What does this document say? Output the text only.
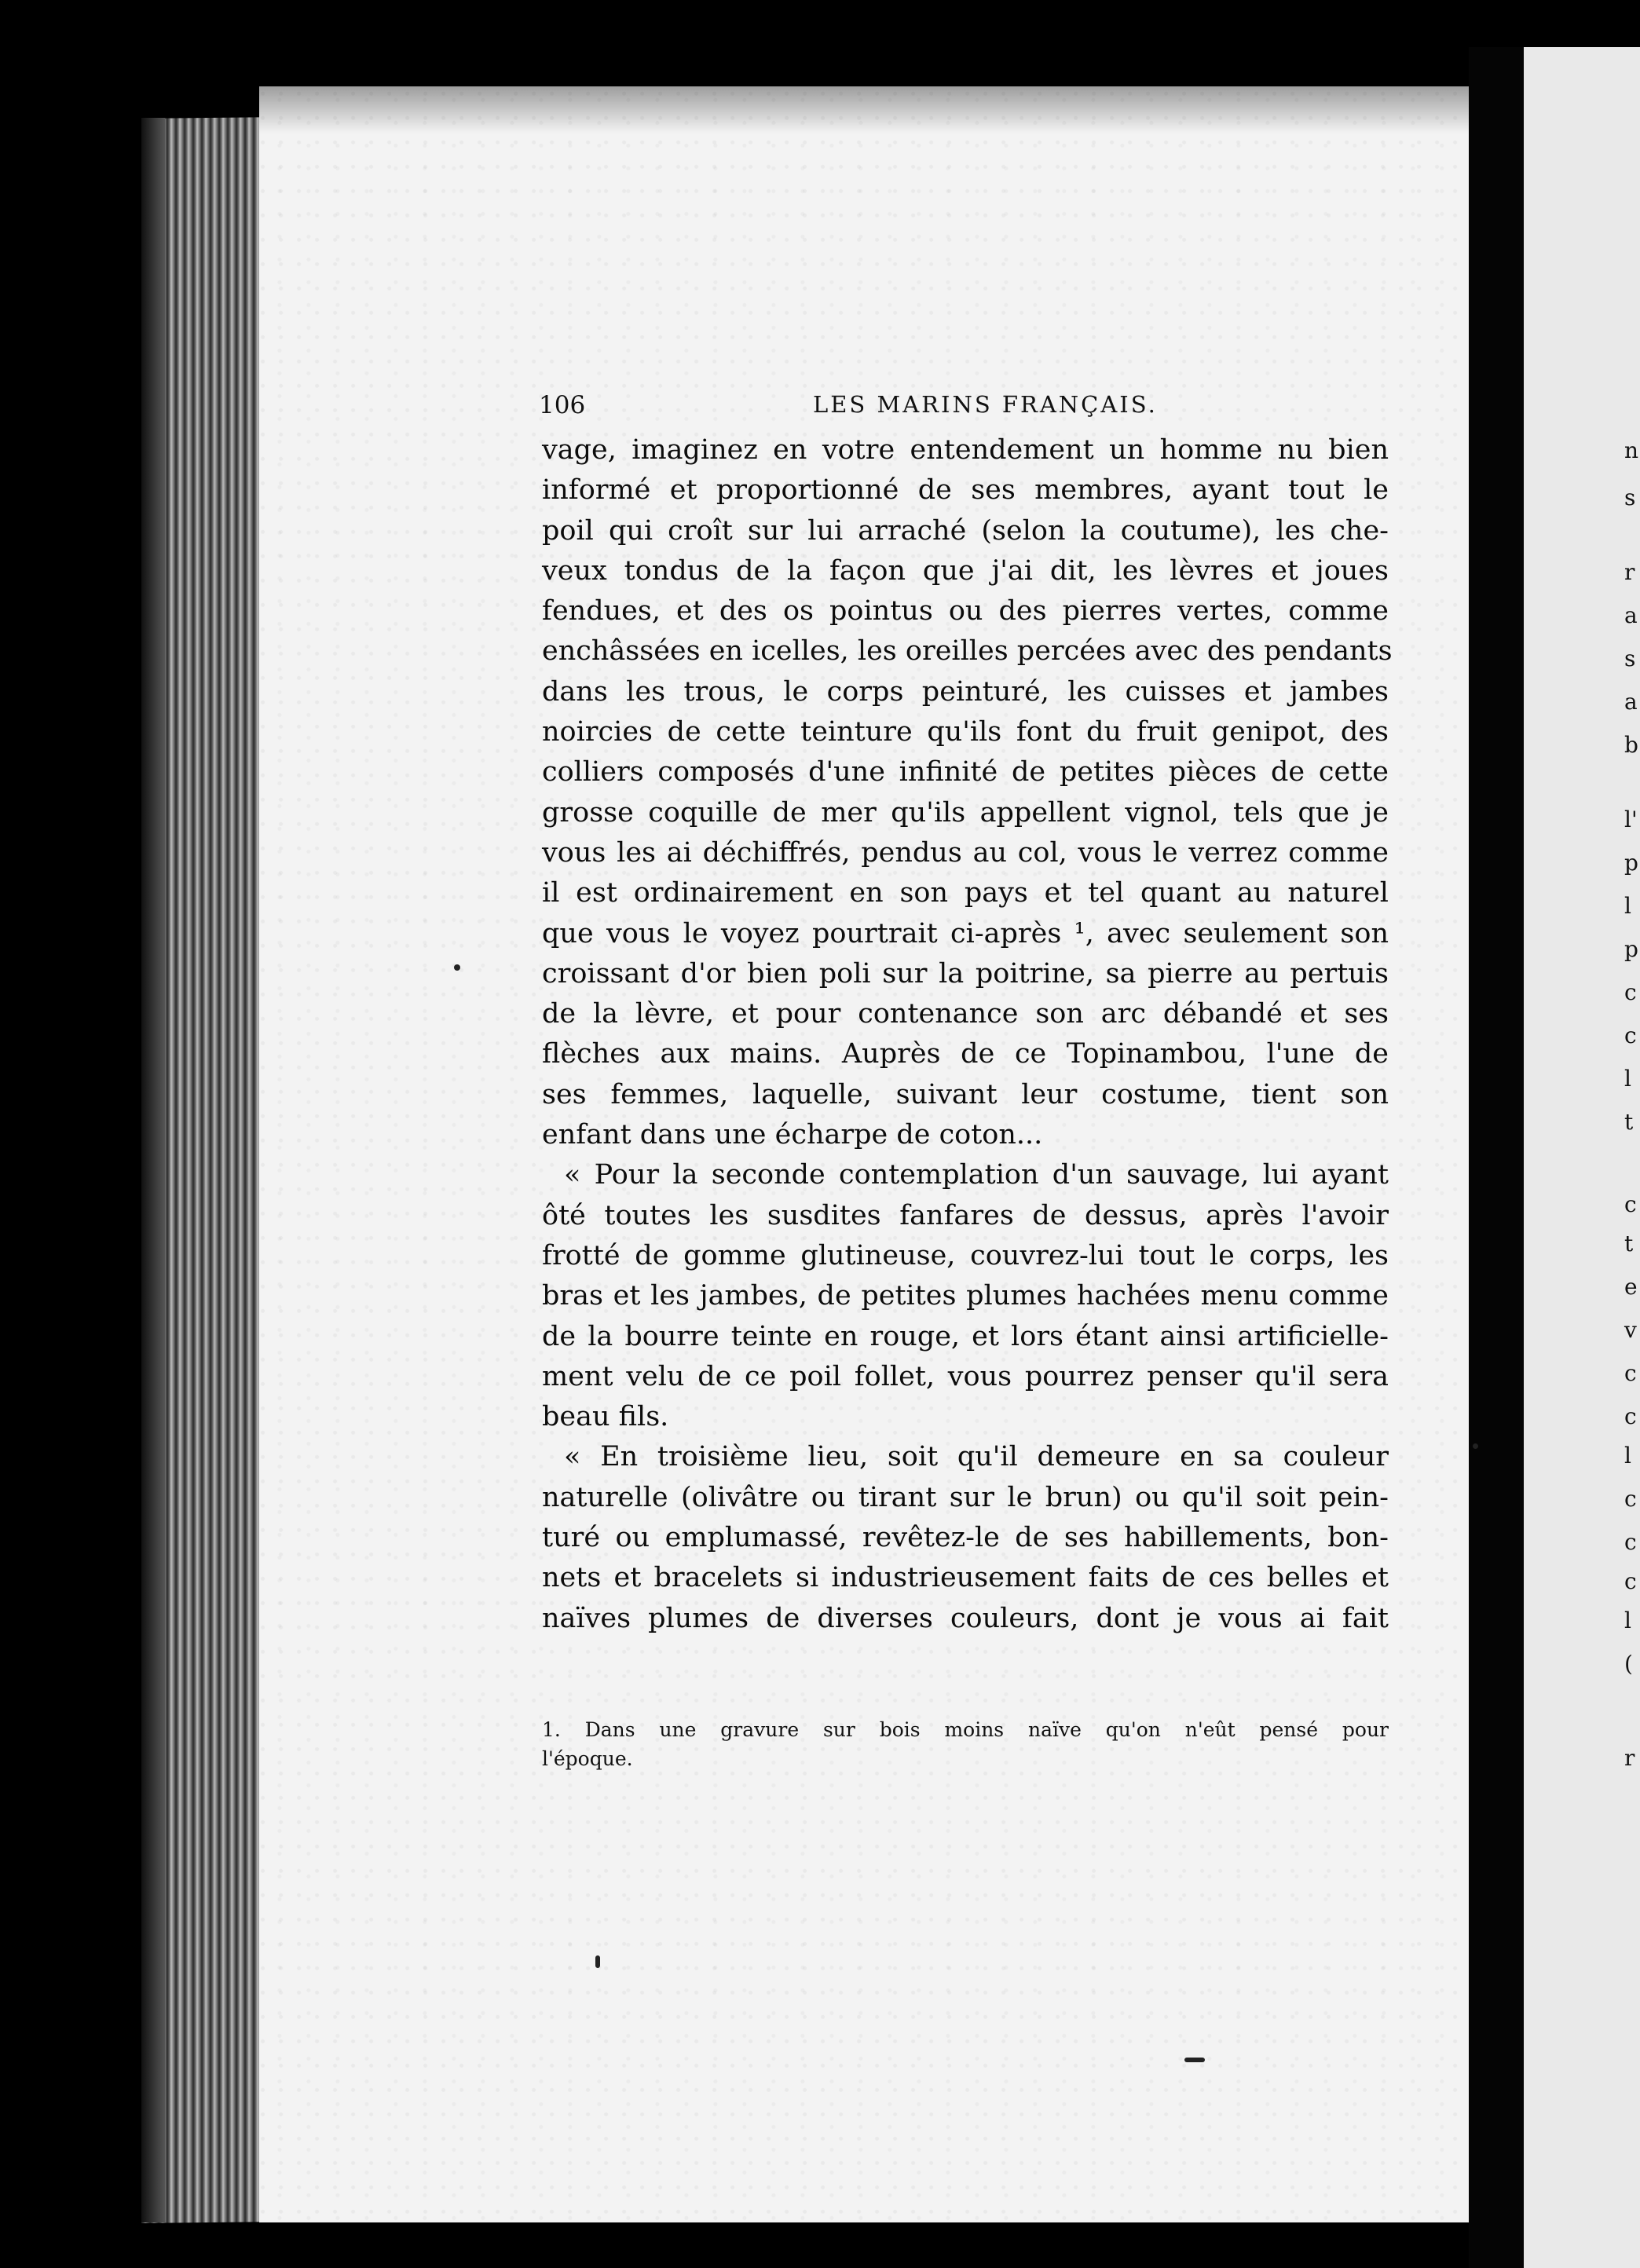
n
s
r
a
s
a
b
l'
p
l
p
c
c
l
t
c
t
e
v
c
c
l
c
c
c
l
(
r
106	LES MARINS FRANÇAIS.
vage, imaginez en votre entendement un homme nu bien
informé et proportionné de ses membres, ayant tout le
poil qui croît sur lui arraché (selon la coutume), les che-
veux tondus de la façon que j'ai dit, les lèvres et joues
fendues, et des os pointus ou des pierres vertes, comme
enchâssées en icelles, les oreilles percées avec des pendants
dans les trous, le corps peinturé, les cuisses et jambes
noircies de cette teinture qu'ils font du fruit genipot, des
colliers composés d'une infinité de petites pièces de cette
grosse coquille de mer qu'ils appellent vignol, tels que je
vous les ai déchiffrés, pendus au col, vous le verrez comme
il est ordinairement en son pays et tel quant au naturel
que vous le voyez pourtrait ci-après ¹, avec seulement son
croissant d'or bien poli sur la poitrine, sa pierre au pertuis
de la lèvre, et pour contenance son arc débandé et ses
flèches aux mains. Auprès de ce Topinambou, l'une de
ses femmes, laquelle, suivant leur costume, tient son
enfant dans une écharpe de coton...
« Pour la seconde contemplation d'un sauvage, lui ayant
ôté toutes les susdites fanfares de dessus, après l'avoir
frotté de gomme glutineuse, couvrez-lui tout le corps, les
bras et les jambes, de petites plumes hachées menu comme
de la bourre teinte en rouge, et lors étant ainsi artificielle-
ment velu de ce poil follet, vous pourrez penser qu'il sera
beau fils.
« En troisième lieu, soit qu'il demeure en sa couleur
naturelle (olivâtre ou tirant sur le brun) ou qu'il soit pein-
turé ou emplumassé, revêtez-le de ses habillements, bon-
nets et bracelets si industrieusement faits de ces belles et
naïves plumes de diverses couleurs, dont je vous ai fait
1. Dans une gravure sur bois moins naïve qu'on n'eût pensé pour
l'époque.
